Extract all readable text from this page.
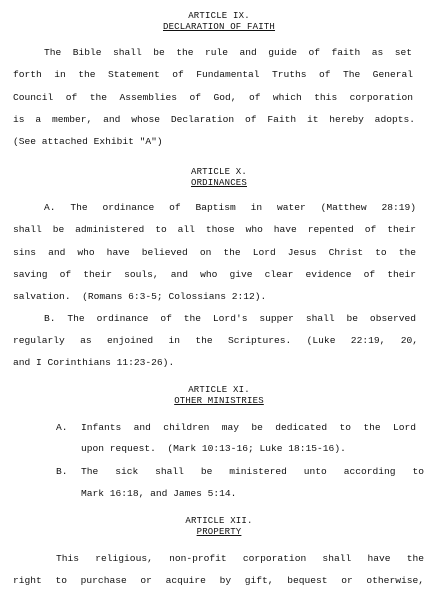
ARTICLE IX.
DECLARATION OF FAITH
The Bible shall be the rule and guide of faith as set
forth in the Statement of Fundamental Truths of The General
Council of the Assemblies of God, of which this corporation
is a member, and whose Declaration of Faith it hereby adopts.
(See attached Exhibit "A")
ARTICLE X.
ORDINANCES
A. The ordinance of Baptism in water (Matthew 28:19)
shall be administered to all those who have repented of their
sins and who have believed on the Lord Jesus Christ to the
saving of their souls, and who give clear evidence of their
salvation.  (Romans 6:3-5; Colossians 2:12).
B. The ordinance of the Lord's supper shall be observed
regularly as enjoined in the Scriptures. (Luke 22:19, 20,
and I Corinthians 11:23-26).
ARTICLE XI.
OTHER MINISTRIES
A. Infants and children may be dedicated to the Lord
upon request.  (Mark 10:13-16; Luke 18:15-16).
B. The sick shall be ministered unto according to
Mark 16:18, and James 5:14.
ARTICLE XII.
PROPERTY
This religious, non-profit corporation shall have the
right to purchase or acquire by gift, bequest or otherwise,
